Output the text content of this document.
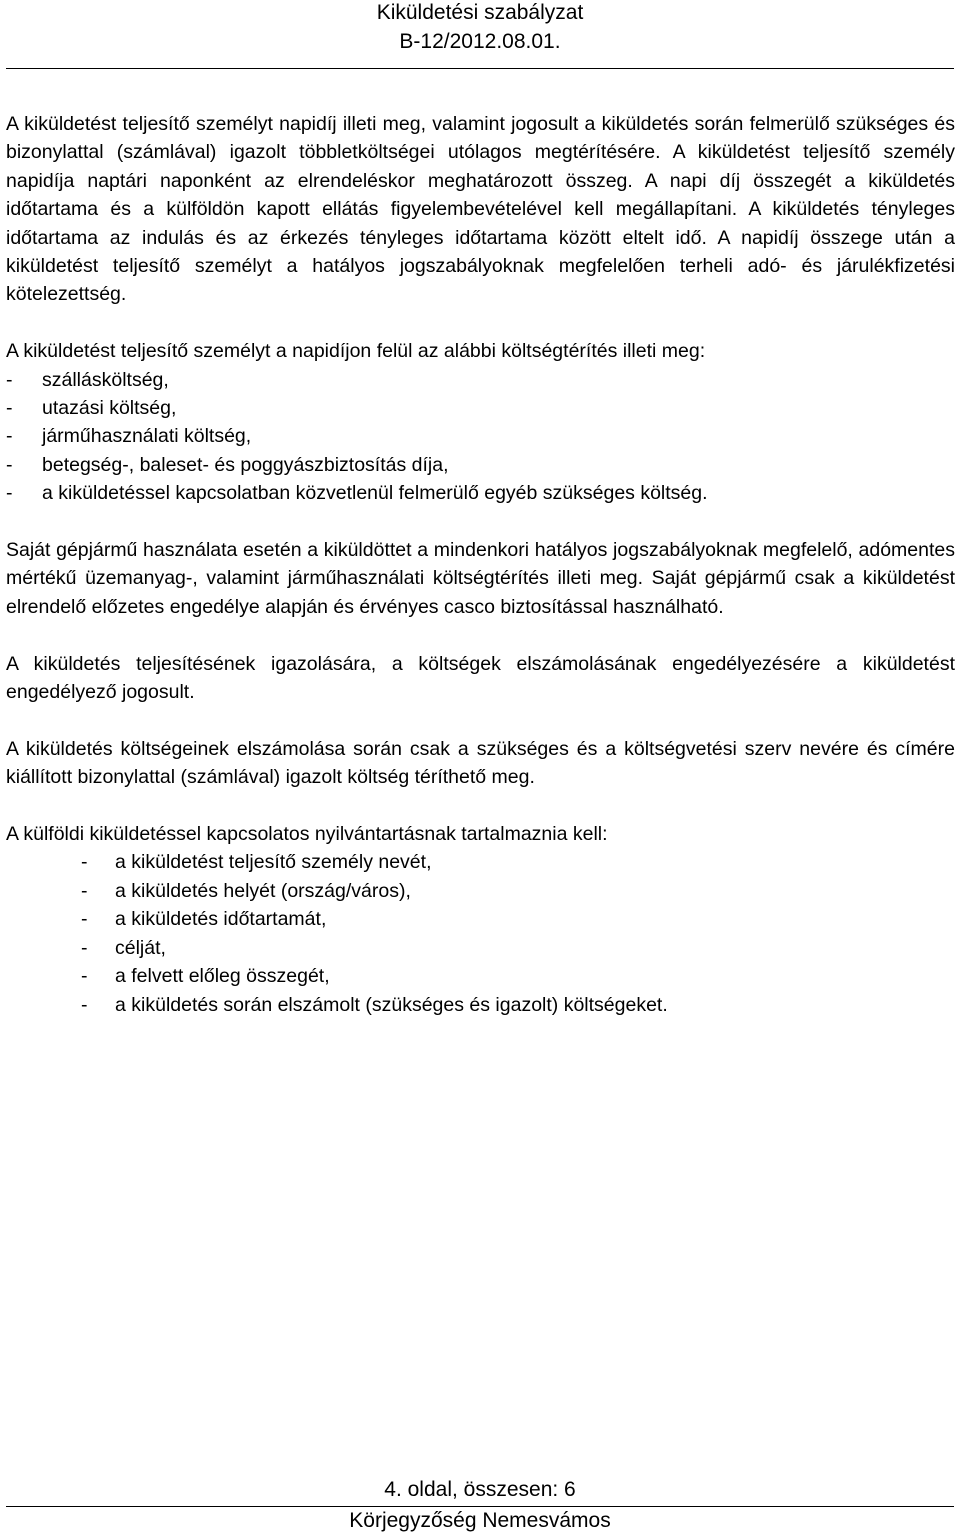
Kiküldetési szabályzat
B-12/2012.08.01.

A kiküldetést teljesítő személyt napidíj illeti meg, valamint jogosult a kiküldetés során felmerülő szükséges és bizonylattal (számlával) igazolt többletköltségei utólagos megtérítésére. A kiküldetést teljesítő személy napidíja naptári naponként az elrendeléskor meghatározott összeg. A napi díj összegét a kiküldetés időtartama és a külföldön kapott ellátás figyelembevételével kell megállapítani. A kiküldetés tényleges időtartama az indulás és az érkezés tényleges időtartama között eltelt idő. A napidíj összege után a kiküldetést teljesítő személyt a hatályos jogszabályoknak megfelelően terheli adó- és járulékfizetési kötelezettség.

A kiküldetést teljesítő személyt a napidíjon felül az alábbi költségtérítés illeti meg:

-	szállásköltség,
-	utazási költség,
-	járműhasználati költség,
-	betegség-, baleset- és poggyászbiztosítás díja,
-	a kiküldetéssel kapcsolatban közvetlenül felmerülő egyéb szükséges költség.

Saját gépjármű használata esetén a kiküldöttet a mindenkori hatályos jogszabályoknak megfelelő, adómentes mértékű üzemanyag-, valamint járműhasználati költségtérítés illeti meg. Saját gépjármű csak a kiküldetést elrendelő előzetes engedélye alapján és érvényes casco biztosítással használható.

A kiküldetés teljesítésének igazolására, a költségek elszámolásának engedélyezésére a kiküldetést engedélyező jogosult.

A kiküldetés költségeinek elszámolása során csak a szükséges és a költségvetési szerv nevére és címére kiállított bizonylattal (számlával) igazolt költség téríthető meg.

A külföldi kiküldetéssel kapcsolatos nyilvántartásnak tartalmaznia kell:

-	a kiküldetést teljesítő személy nevét,
-	a kiküldetés helyét (ország/város),
-	a kiküldetés időtartamát,
-	célját,
-	a felvett előleg összegét,
-	a kiküldetés során elszámolt (szükséges és igazolt) költségeket.
4. oldal, összesen: 6
Körjegyzőség Nemesvámos
